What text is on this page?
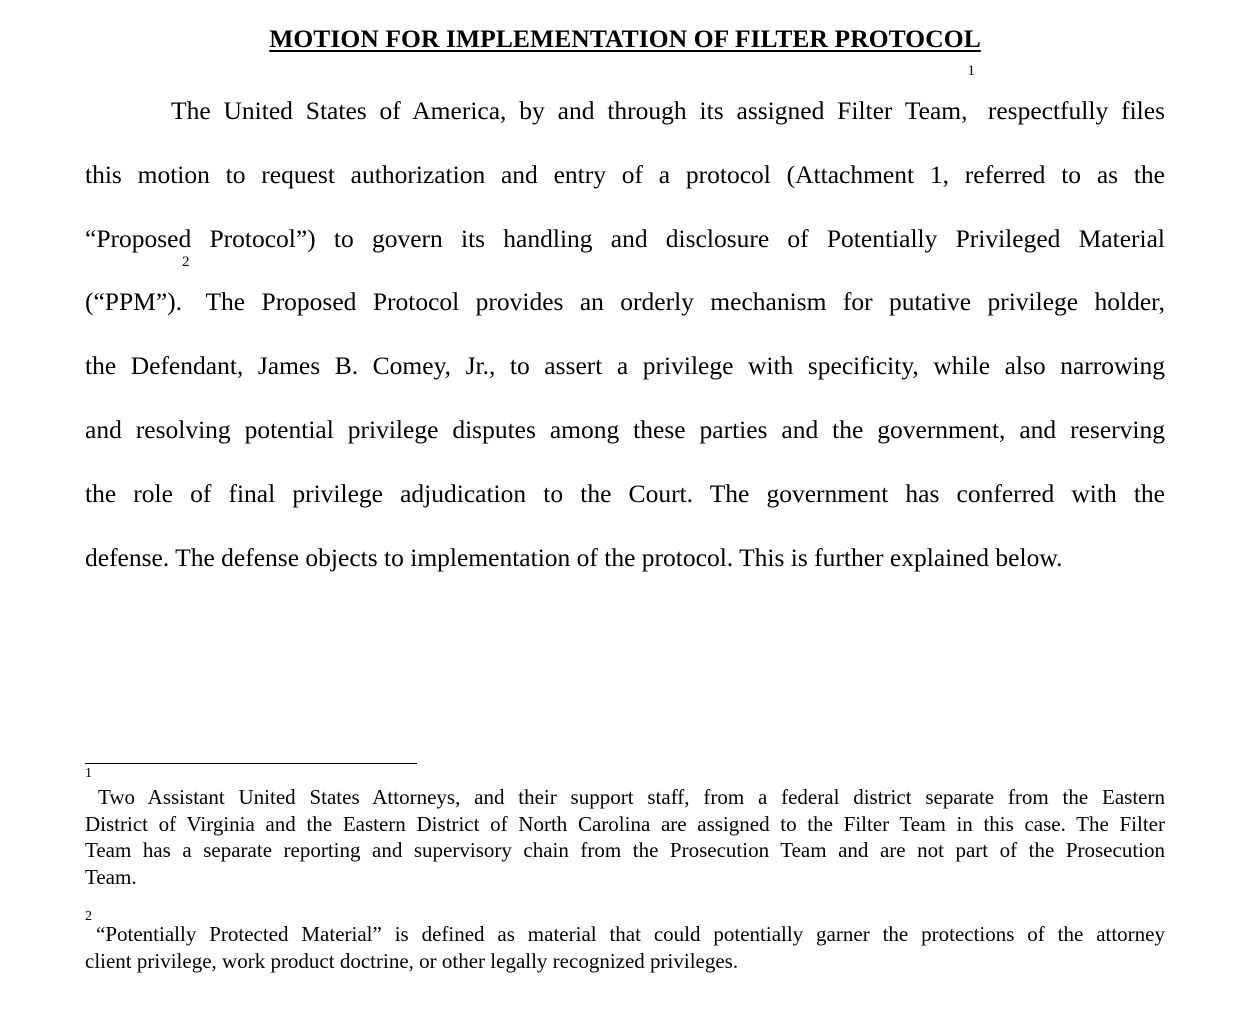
MOTION FOR IMPLEMENTATION OF FILTER PROTOCOL

The United States of America, by and through its assigned Filter Team,$^1$ respectfully files
this motion to request authorization and entry of a protocol (Attachment 1, referred to as the
“Proposed Protocol”) to govern its handling and disclosure of Potentially Privileged Material
(“PPM”).$^2$ The Proposed Protocol provides an orderly mechanism for putative privilege holder,
the Defendant, James B. Comey, Jr., to assert a privilege with specificity, while also narrowing
and resolving potential privilege disputes among these parties and the government, and reserving
the role of final privilege adjudication to the Court. The government has conferred with the
defense. The defense objects to implementation of the protocol. This is further explained below.

$^1$Two Assistant United States Attorneys, and their support staff, from a federal district separate from the Eastern
District of Virginia and the Eastern District of North Carolina are assigned to the Filter Team in this case. The Filter
Team has a separate reporting and supervisory chain from the Prosecution Team and are not part of the Prosecution
Team.

$^2$“Potentially Protected Material” is defined as material that could potentially garner the protections of the attorney
client privilege, work product doctrine, or other legally recognized privileges.
